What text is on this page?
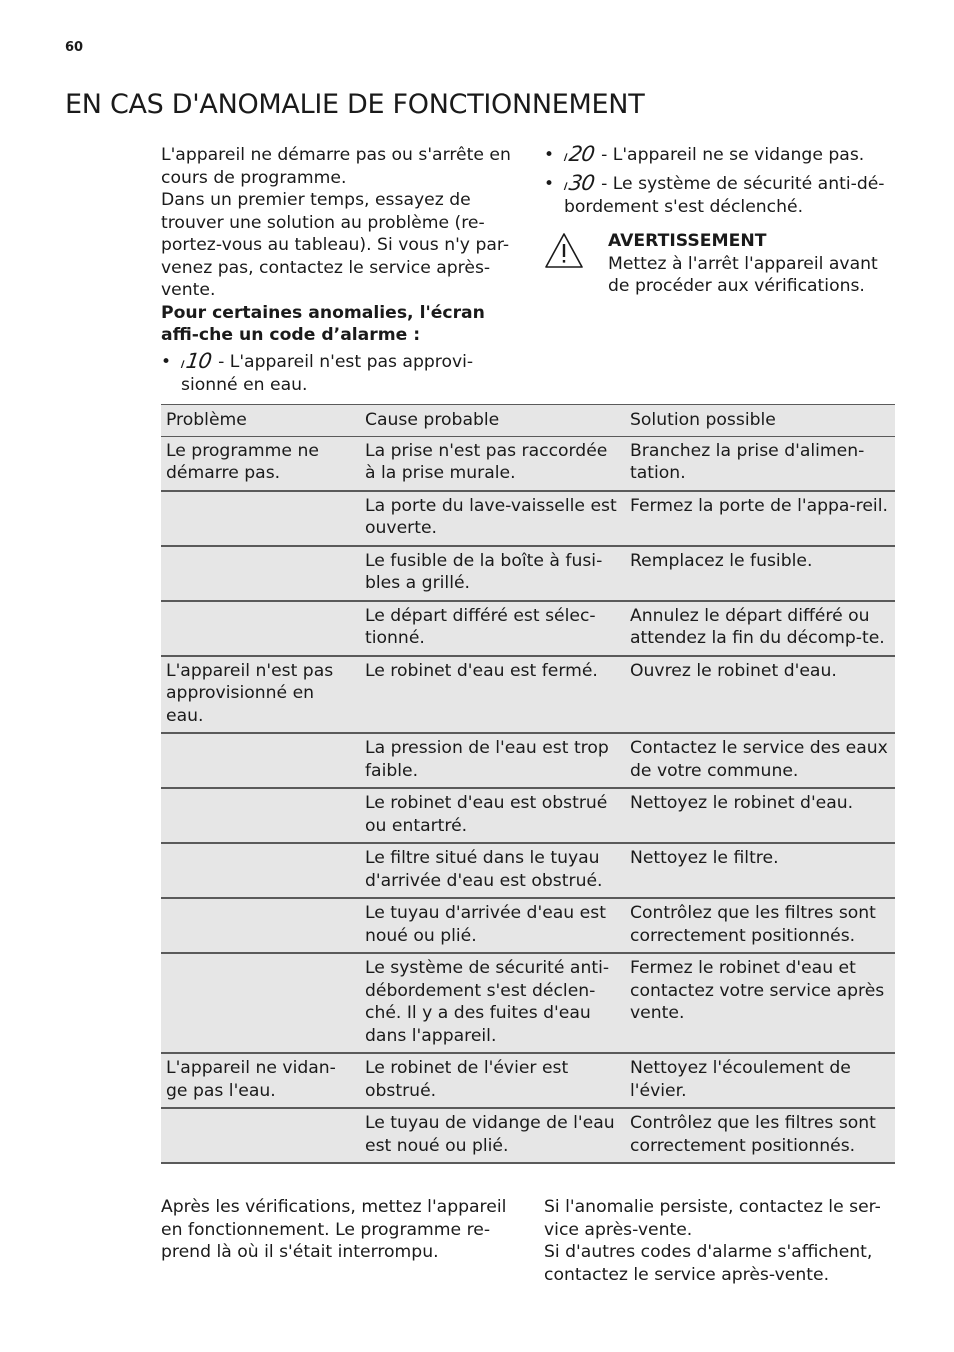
60
EN CAS D'ANOMALIE DE FONCTIONNEMENT

L'appareil ne démarre pas ou s'arrête en cours de programme.

Dans un premier temps, essayez de trouver une solution au problème (re-portez-vous au tableau). Si vous n'y par-venez pas, contactez le service après-vente.

Pour certaines anomalies, l'écran affi-che un code d’alarme :

• ı10 - L'appareil n'est pas approvi-sionné en eau.
• ı20 - L'appareil ne se vidange pas.
• ı30 - Le système de sécurité anti-dé-bordement s'est déclenché.
AVERTISSEMENT
Mettez à l'arrêt l'appareil avant de procéder aux vérifications.
Problème	Cause probable	Solution possible
Le programme ne démarre pas.	La prise n'est pas raccordée à la prise murale.	Branchez la prise d'alimen-tation.
	La porte du lave-vaisselle est ouverte.	Fermez la porte de l'appa-reil.
	Le fusible de la boîte à fusi-bles a grillé.	Remplacez le fusible.
	Le départ différé est sélec-tionné.	Annulez le départ différé ou attendez la fin du décomp-te.
L'appareil n'est pas approvisionné en eau.	Le robinet d'eau est fermé.	Ouvrez le robinet d'eau.
	La pression de l'eau est trop faible.	Contactez le service des eaux de votre commune.
	Le robinet d'eau est obstrué ou entartré.	Nettoyez le robinet d'eau.
	Le filtre situé dans le tuyau d'arrivée d'eau est obstrué.	Nettoyez le filtre.
	Le tuyau d'arrivée d'eau est noué ou plié.	Contrôlez que les filtres sont correctement positionnés.
	Le système de sécurité anti-débordement s'est déclen-ché. Il y a des fuites d'eau dans l'appareil.	Fermez le robinet d'eau et contactez votre service après vente.
L'appareil ne vidan-ge pas l'eau.	Le robinet de l'évier est obstrué.	Nettoyez l'écoulement de l'évier.
	Le tuyau de vidange de l'eau est noué ou plié.	Contrôlez que les filtres sont correctement positionnés.

Après les vérifications, mettez l'appareil en fonctionnement. Le programme re-prend là où il s'était interrompu.

Si l'anomalie persiste, contactez le ser-vice après-vente.

Si d'autres codes d'alarme s'affichent, contactez le service après-vente.
